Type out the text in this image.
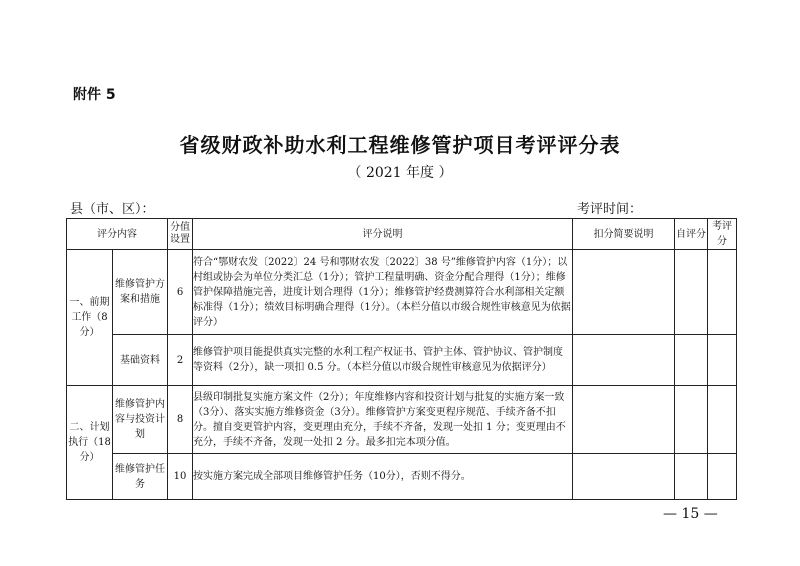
附件 5
省级财政补助水利工程维修管护项目考评评分表
（ 2021 年度 ）
县（市、区）：	考评时间：
评分内容		分值设置	评分说明	扣分简要说明	自评分	考评分
一、前期工作（8分）	维修管护方案和措施	6	符合“鄂财农发〔2022〕24 号和鄂财农发〔2022〕38 号”维修管护内容（1分）；以村组或协会为单位分类汇总（1分）；管护工程量明确、资金分配合理得（1分）；维修管护保障措施完善，进度计划合理得（1分）；维修管护经费测算符合水利部相关定额标准得（1分）；绩效目标明确合理得（1分）。（本栏分值以市级合规性审核意见为依据评分）			
	基础资料	2	维修管护项目能提供真实完整的水利工程产权证书、管护主体、管护协议、管护制度等资料（2分），缺一项扣 0.5 分。（本栏分值以市级合规性审核意见为依据评分）			
二、计划执行（18分）	维修管护内容与投资计划	8	县级印制批复实施方案文件（2分）；年度维修内容和投资计划与批复的实施方案一致（3分）、落实实施方维修资金（3分）。维修管护方案变更程序规范、手续齐备不扣分。擅自变更管护内容，变更理由充分，手续不齐备，发现一处扣 1 分；变更理由不充分，手续不齐备，发现一处扣 2 分。最多扣完本项分值。			
	维修管护任务	10	按实施方案完成全部项目维修管护任务（10分），否则不得分。			
— 15 —
